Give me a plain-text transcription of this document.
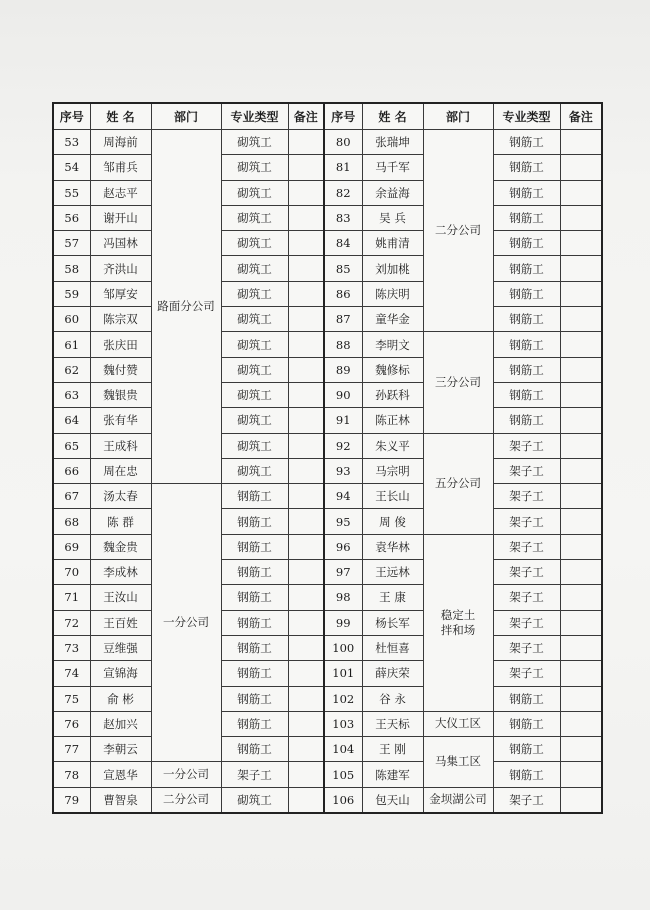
序号	姓 名	部门	专业类型	备注	序号	姓 名	部门	专业类型	备注
53	周海前	路面分公司	砌筑工		80	张瑞坤	二分公司	钢筋工	
54	邹甫兵		砌筑工		81	马千军		钢筋工	
55	赵志平		砌筑工		82	余益海		钢筋工	
56	谢开山		砌筑工		83	吴 兵		钢筋工	
57	冯国林		砌筑工		84	姚甫清		钢筋工	
58	齐洪山		砌筑工		85	刘加桃		钢筋工	
59	邹厚安		砌筑工		86	陈庆明		钢筋工	
60	陈宗双		砌筑工		87	童华金		钢筋工	
61	张庆田		砌筑工		88	李明文	三分公司	钢筋工	
62	魏付赞		砌筑工		89	魏修标		钢筋工	
63	魏银贵		砌筑工		90	孙跃科		钢筋工	
64	张有华		砌筑工		91	陈正林		钢筋工	
65	王成科		砌筑工		92	朱义平	五分公司	架子工	
66	周在忠		砌筑工		93	马宗明		架子工	
67	汤太春	一分公司	钢筋工		94	王长山		架子工	
68	陈 群		钢筋工		95	周 俊		架子工	
69	魏金贵		钢筋工		96	袁华林	稳定土
拌和场	架子工	
70	李成林		钢筋工		97	王远林		架子工	
71	王汝山		钢筋工		98	王 康		架子工	
72	王百姓		钢筋工		99	杨长军		架子工	
73	豆维强		钢筋工		100	杜恒喜		架子工	
74	宣锦海		钢筋工		101	薛庆荣		架子工	
75	俞 彬		钢筋工		102	谷 永		钢筋工	
76	赵加兴		钢筋工		103	王天标	大仪工区	钢筋工	
77	李朝云		钢筋工		104	王 刚	马集工区	钢筋工	
78	宣恩华	一分公司	架子工		105	陈建军		钢筋工	
79	曹智泉	二分公司	砌筑工		106	包天山	金坝湖公司	架子工	
